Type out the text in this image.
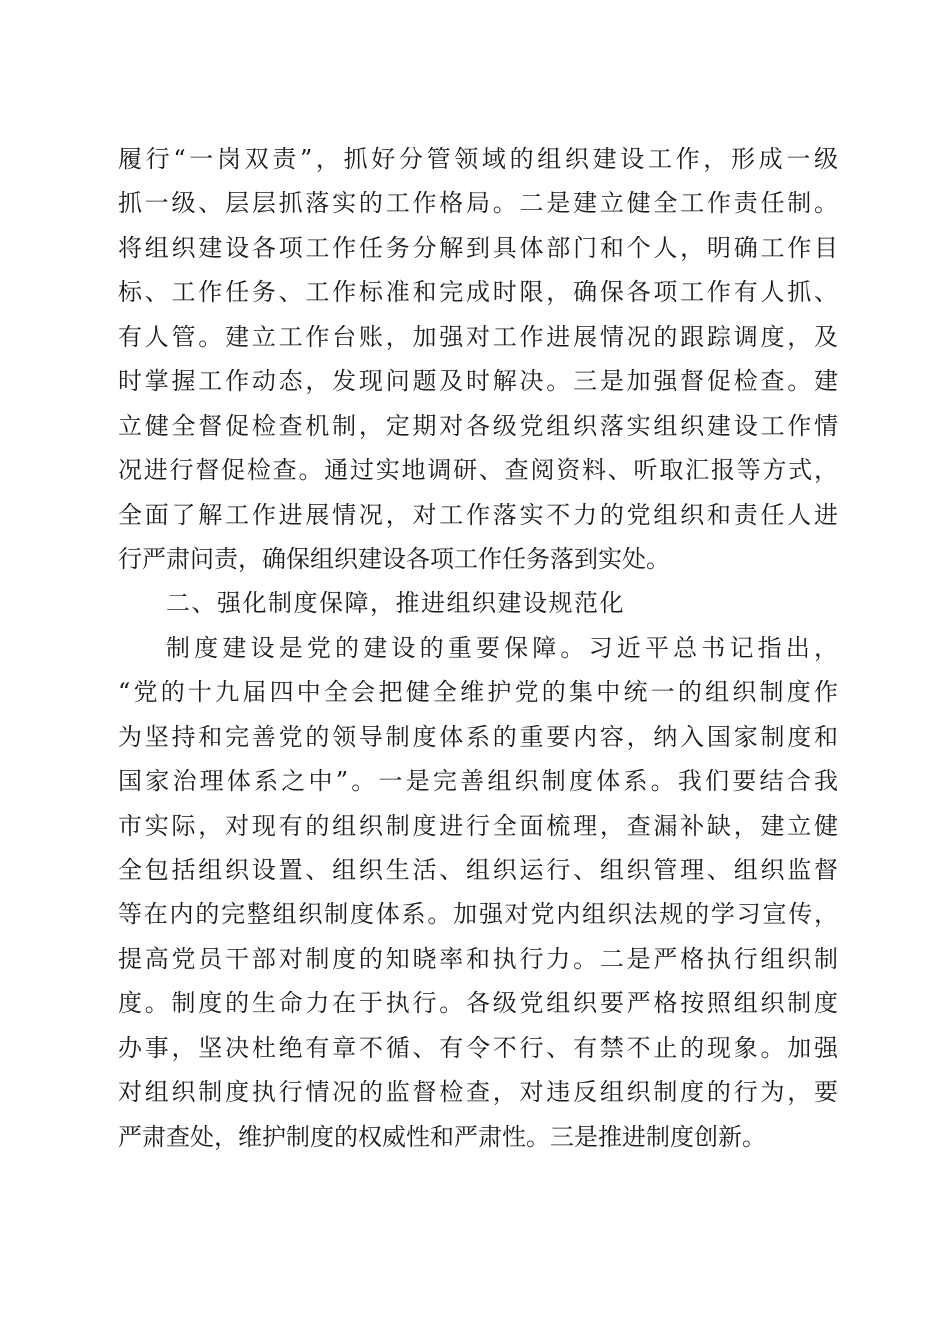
履行“一岗双责”，抓好分管领域的组织建设工作，形成一级
抓一级、层层抓落实的工作格局。二是建立健全工作责任制。
将组织建设各项工作任务分解到具体部门和个人，明确工作目
标、工作任务、工作标准和完成时限，确保各项工作有人抓、
有人管。建立工作台账，加强对工作进展情况的跟踪调度，及
时掌握工作动态，发现问题及时解决。三是加强督促检查。建
立健全督促检查机制，定期对各级党组织落实组织建设工作情
况进行督促检查。通过实地调研、查阅资料、听取汇报等方式，
全面了解工作进展情况，对工作落实不力的党组织和责任人进
行严肃问责，确保组织建设各项工作任务落到实处。
二、强化制度保障，推进组织建设规范化
制度建设是党的建设的重要保障。习近平总书记指出，
“党的十九届四中全会把健全维护党的集中统一的组织制度作
为坚持和完善党的领导制度体系的重要内容，纳入国家制度和
国家治理体系之中”。一是完善组织制度体系。我们要结合我
市实际，对现有的组织制度进行全面梳理，查漏补缺，建立健
全包括组织设置、组织生活、组织运行、组织管理、组织监督
等在内的完整组织制度体系。加强对党内组织法规的学习宣传，
提高党员干部对制度的知晓率和执行力。二是严格执行组织制
度。制度的生命力在于执行。各级党组织要严格按照组织制度
办事，坚决杜绝有章不循、有令不行、有禁不止的现象。加强
对组织制度执行情况的监督检查，对违反组织制度的行为，要
严肃查处，维护制度的权威性和严肃性。三是推进制度创新。
